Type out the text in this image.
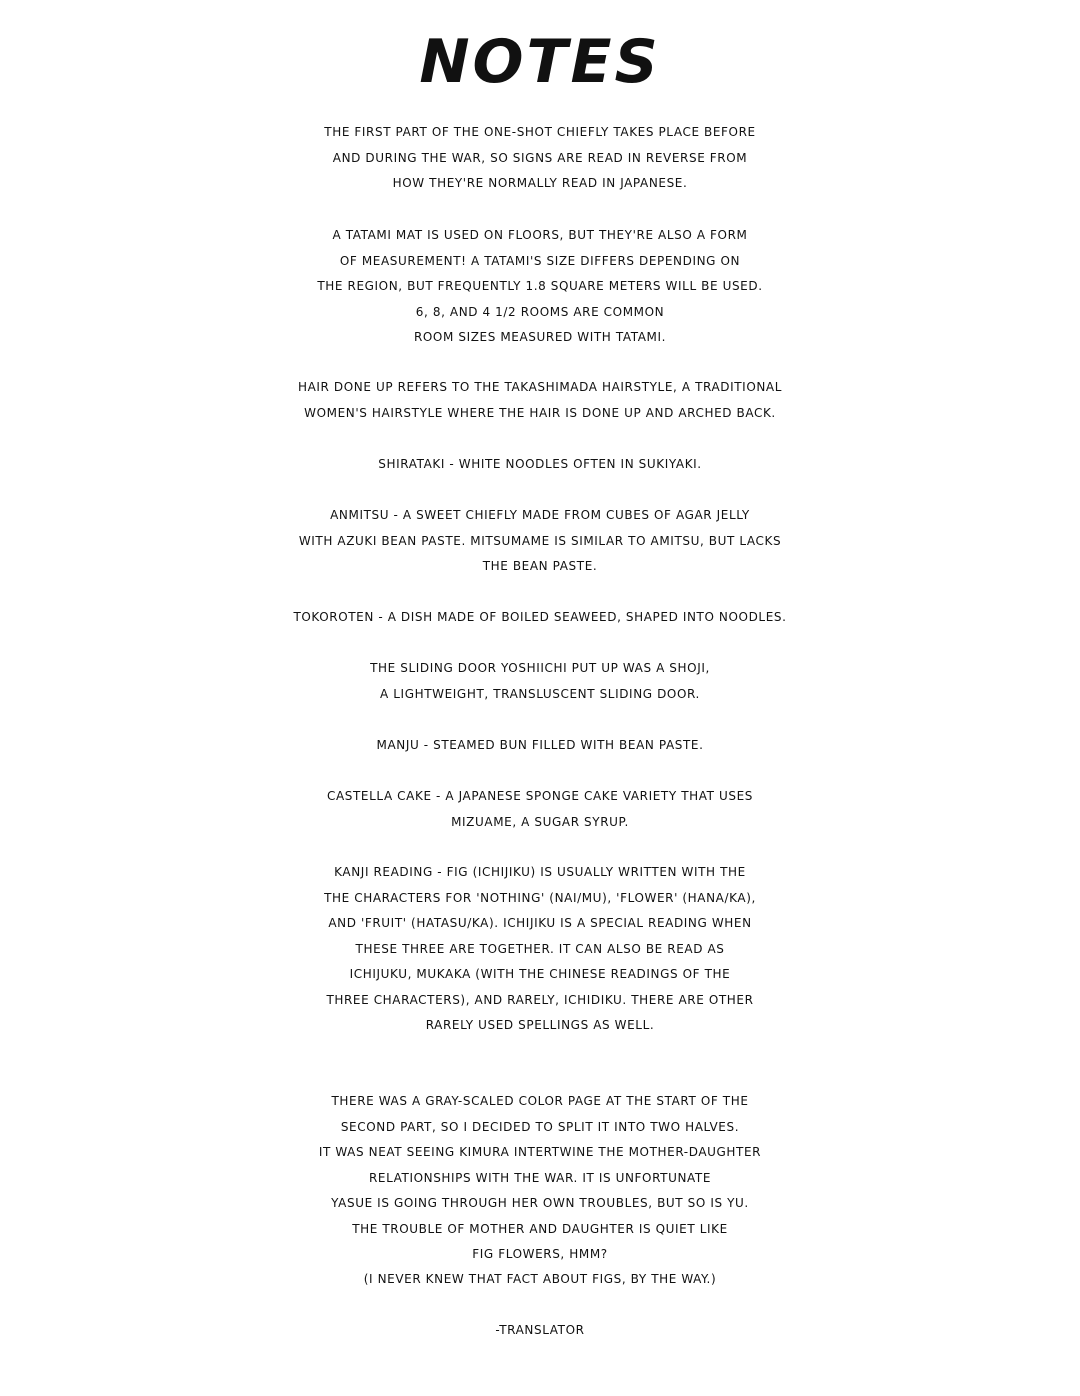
NOTES

THE FIRST PART OF THE ONE-SHOT CHIEFLY TAKES PLACE BEFORE
AND DURING THE WAR, SO SIGNS ARE READ IN REVERSE FROM
HOW THEY'RE NORMALLY READ IN JAPANESE.

A TATAMI MAT IS USED ON FLOORS, BUT THEY'RE ALSO A FORM
OF MEASUREMENT! A TATAMI'S SIZE DIFFERS DEPENDING ON
THE REGION, BUT FREQUENTLY 1.8 SQUARE METERS WILL BE USED.
6, 8, AND 4 1/2 ROOMS ARE COMMON
ROOM SIZES MEASURED WITH TATAMI.

HAIR DONE UP REFERS TO THE TAKASHIMADA HAIRSTYLE, A TRADITIONAL
WOMEN'S HAIRSTYLE WHERE THE HAIR IS DONE UP AND ARCHED BACK.

SHIRATAKI - WHITE NOODLES OFTEN IN SUKIYAKI.

ANMITSU - A SWEET CHIEFLY MADE FROM CUBES OF AGAR JELLY
WITH AZUKI BEAN PASTE. MITSUMAME IS SIMILAR TO AMITSU, BUT LACKS
THE BEAN PASTE.

TOKOROTEN - A DISH MADE OF BOILED SEAWEED, SHAPED INTO NOODLES.

THE SLIDING DOOR YOSHIICHI PUT UP WAS A SHOJI,
A LIGHTWEIGHT, TRANSLUSCENT SLIDING DOOR.

MANJU - STEAMED BUN FILLED WITH BEAN PASTE.

CASTELLA CAKE - A JAPANESE SPONGE CAKE VARIETY THAT USES
MIZUAME, A SUGAR SYRUP.

KANJI READING - FIG (ICHIJIKU) IS USUALLY WRITTEN WITH THE
THE CHARACTERS FOR 'NOTHING' (NAI/MU), 'FLOWER' (HANA/KA),
AND 'FRUIT' (HATASU/KA). ICHIJIKU IS A SPECIAL READING WHEN
THESE THREE ARE TOGETHER. IT CAN ALSO BE READ AS
ICHIJUKU, MUKAKA (WITH THE CHINESE READINGS OF THE
THREE CHARACTERS), AND RARELY, ICHIDIKU. THERE ARE OTHER
RARELY USED SPELLINGS AS WELL.

THERE WAS A GRAY-SCALED COLOR PAGE AT THE START OF THE
SECOND PART, SO I DECIDED TO SPLIT IT INTO TWO HALVES.
IT WAS NEAT SEEING KIMURA INTERTWINE THE MOTHER-DAUGHTER
RELATIONSHIPS WITH THE WAR. IT IS UNFORTUNATE
YASUE IS GOING THROUGH HER OWN TROUBLES, BUT SO IS YU.
THE TROUBLE OF MOTHER AND DAUGHTER IS QUIET LIKE
FIG FLOWERS, HMM?

(I NEVER KNEW THAT FACT ABOUT FIGS, BY THE WAY.)

-TRANSLATOR
